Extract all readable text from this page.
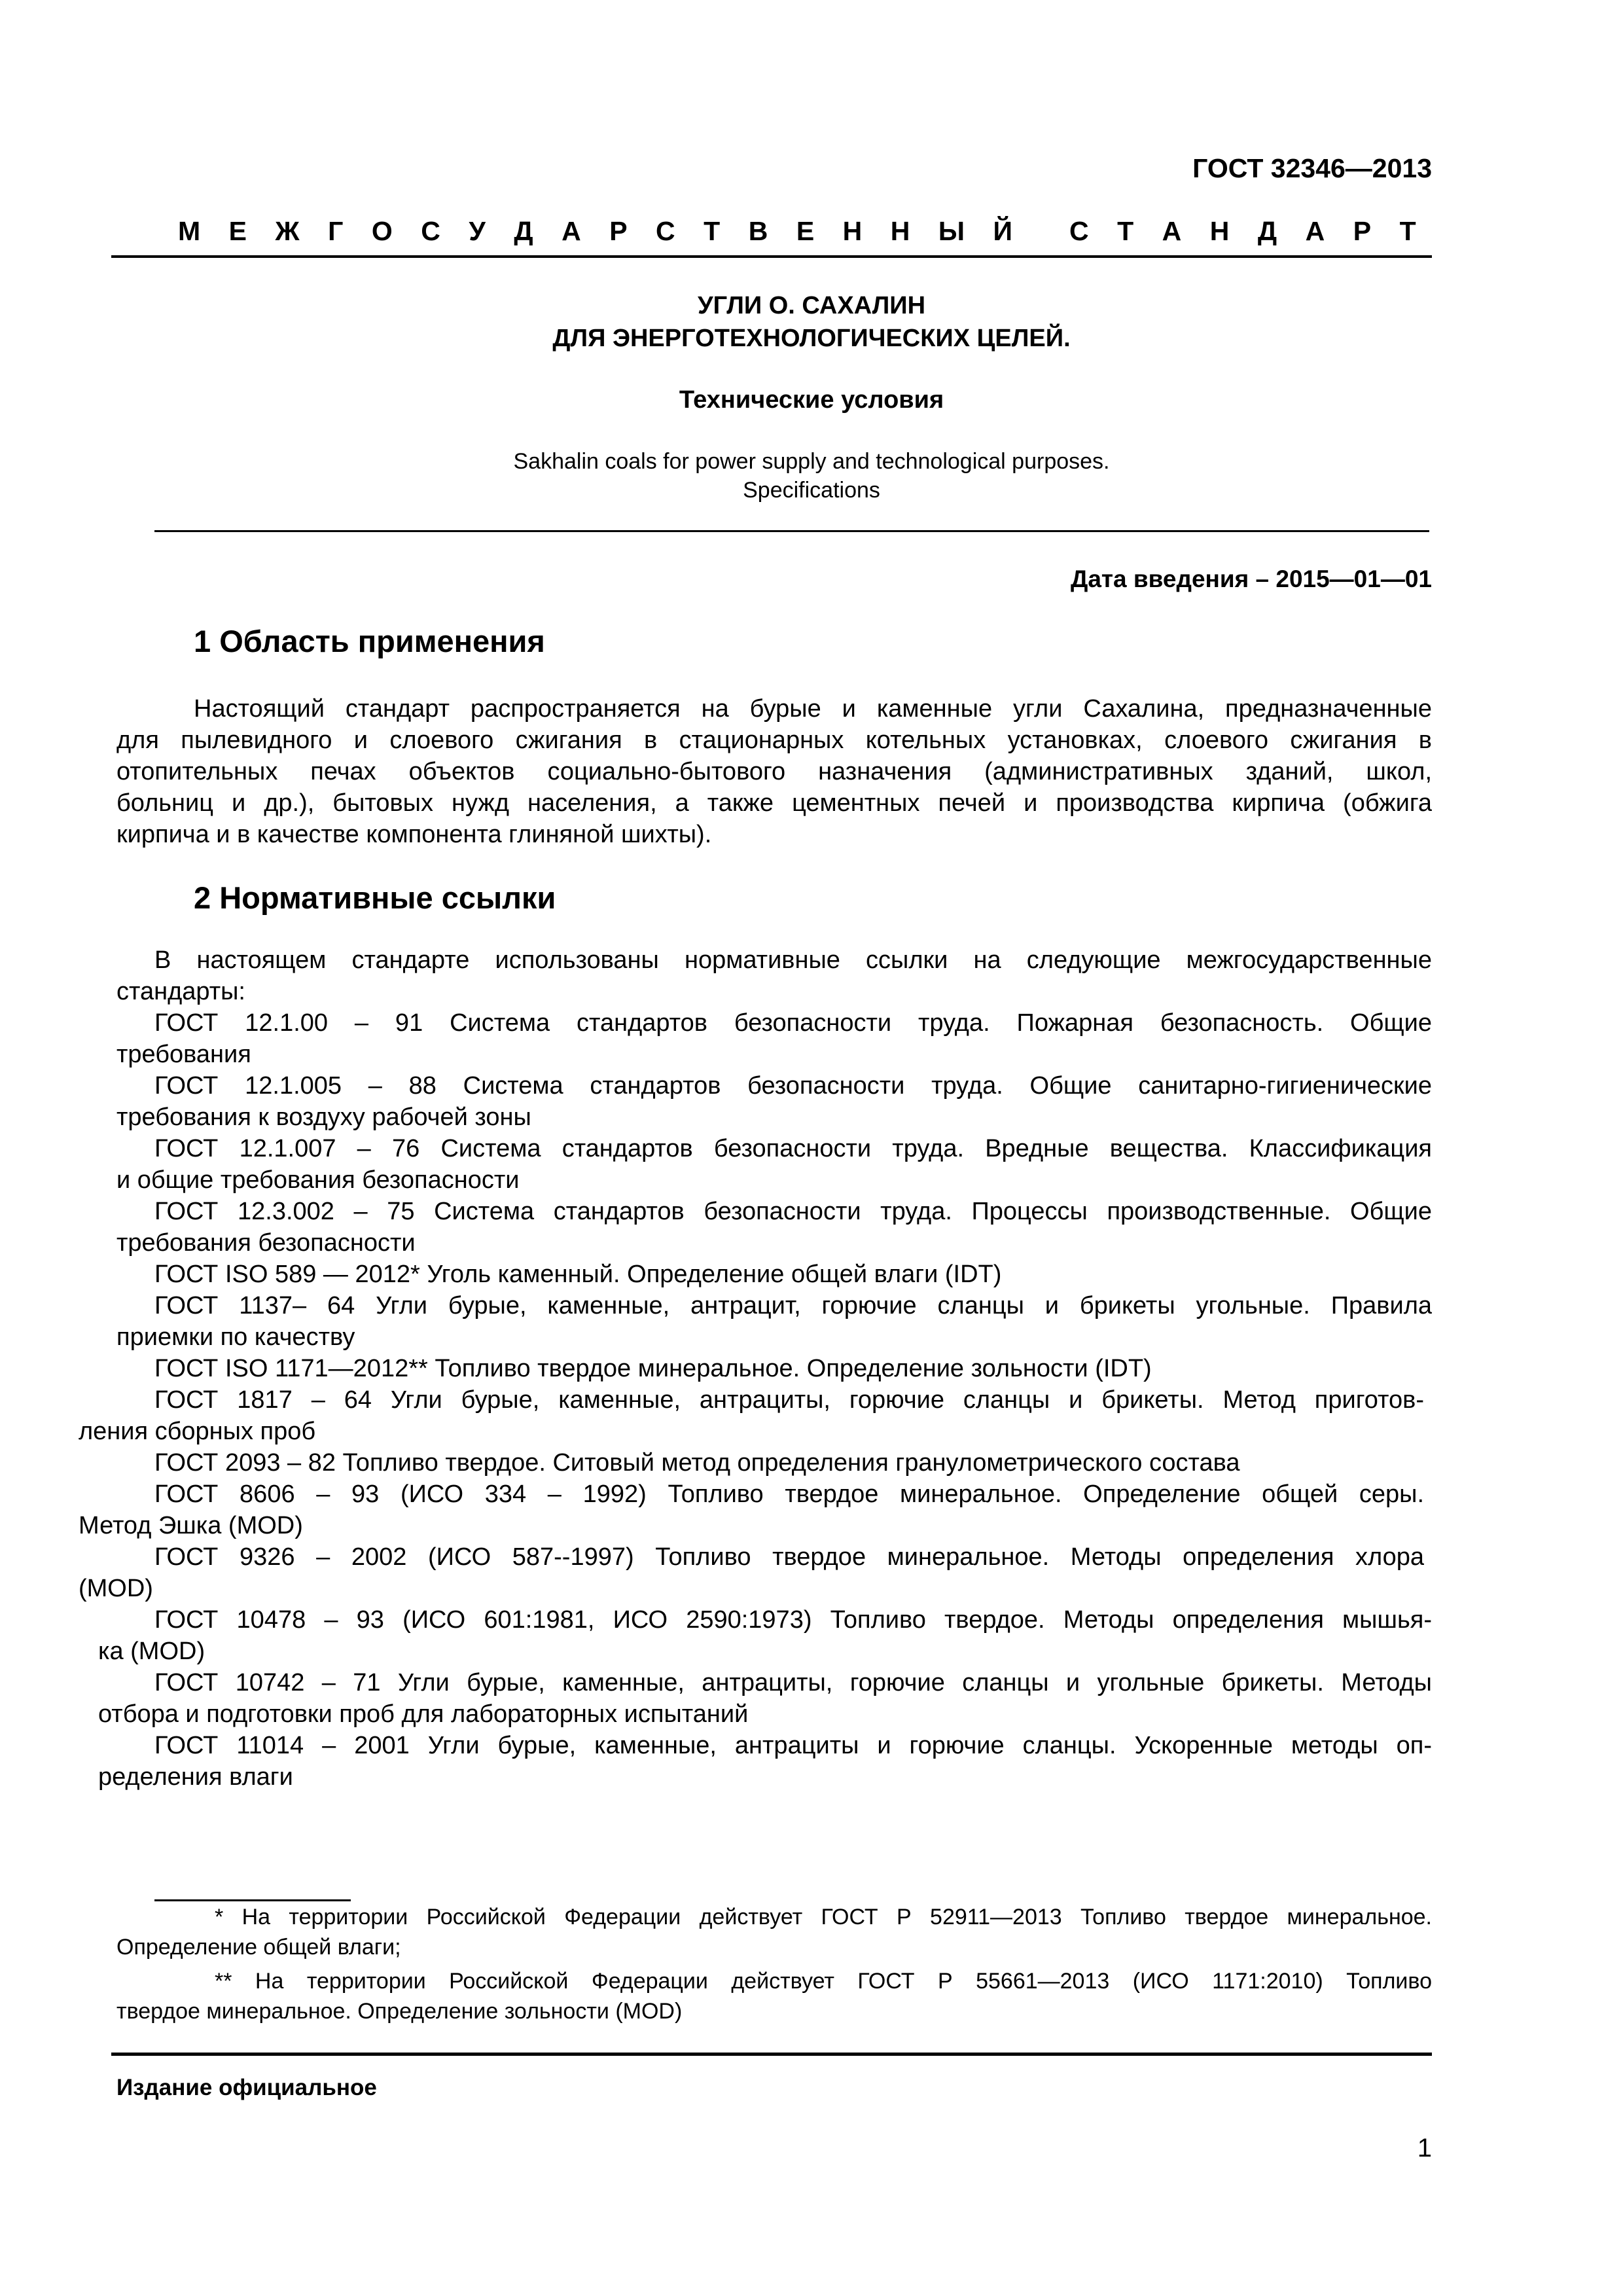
ГОСТ 32346—2013
М Е Ж Г О С У Д А Р С Т В Е Н Н Ы Й С Т А Н Д А Р Т
УГЛИ О. САХАЛИН
ДЛЯ ЭНЕРГОТЕХНОЛОГИЧЕСКИХ ЦЕЛЕЙ.
Технические условия
Sakhalin coals for power supply and technological purposes.
Specifications
Дата введения – 2015—01—01
1 Область применения
Настоящий стандарт распространяется на бурые и каменные угли Сахалина, предназначенные
для пылевидного и слоевого сжигания в стационарных котельных установках, слоевого сжигания в
отопительных печах объектов социально-бытового назначения (административных зданий, школ,
больниц и др.), бытовых нужд населения, а также цементных печей и производства кирпича (обжига
кирпича и в качестве компонента глиняной шихты).
2 Нормативные ссылки
В настоящем стандарте использованы нормативные ссылки на следующие межгосударственные
стандарты:
ГОСТ 12.1.00 – 91 Система стандартов безопасности труда. Пожарная безопасность. Общие
требования
ГОСТ 12.1.005 – 88 Система стандартов безопасности труда. Общие санитарно-гигиенические
требования к воздуху рабочей зоны
ГОСТ 12.1.007 – 76 Система стандартов безопасности труда. Вредные вещества. Классификация
и общие требования безопасности
ГОСТ 12.3.002 – 75 Система стандартов безопасности труда. Процессы производственные. Общие
требования безопасности
ГОСТ ISO 589 — 2012* Уголь каменный. Определение общей влаги (IDT)
ГОСТ 1137– 64 Угли бурые, каменные, антрацит, горючие сланцы и брикеты угольные. Правила
приемки по качеству
ГОСТ ISO 1171—2012** Топливо твердое минеральное. Определение зольности (IDT)
ГОСТ 1817 – 64 Угли бурые, каменные, антрациты, горючие сланцы и брикеты. Метод приготов-
ления сборных проб
ГОСТ 2093 – 82 Топливо твердое. Ситовый метод определения гранулометрического состава
ГОСТ 8606 – 93 (ИСО 334 – 1992) Топливо твердое минеральное. Определение общей серы.
Метод Эшка (MOD)
ГОСТ 9326 – 2002 (ИСО 587--1997) Топливо твердое минеральное. Методы определения хлора
(MOD)
ГОСТ 10478 – 93 (ИСО 601:1981, ИСО 2590:1973) Топливо твердое. Методы определения мышья-
ка (MOD)
ГОСТ 10742 – 71 Угли бурые, каменные, антрациты, горючие сланцы и угольные брикеты. Методы
отбора и подготовки проб для лабораторных испытаний
ГОСТ 11014 – 2001 Угли бурые, каменные, антрациты и горючие сланцы. Ускоренные методы оп-
ределения влаги
* На территории Российской Федерации действует ГОСТ Р 52911—2013 Топливо твердое минеральное.
Определение общей влаги;
** На территории Российской Федерации действует ГОСТ Р 55661—2013 (ИСО 1171:2010) Топливо
твердое минеральное. Определение зольности (MOD)
Издание официальное
1
